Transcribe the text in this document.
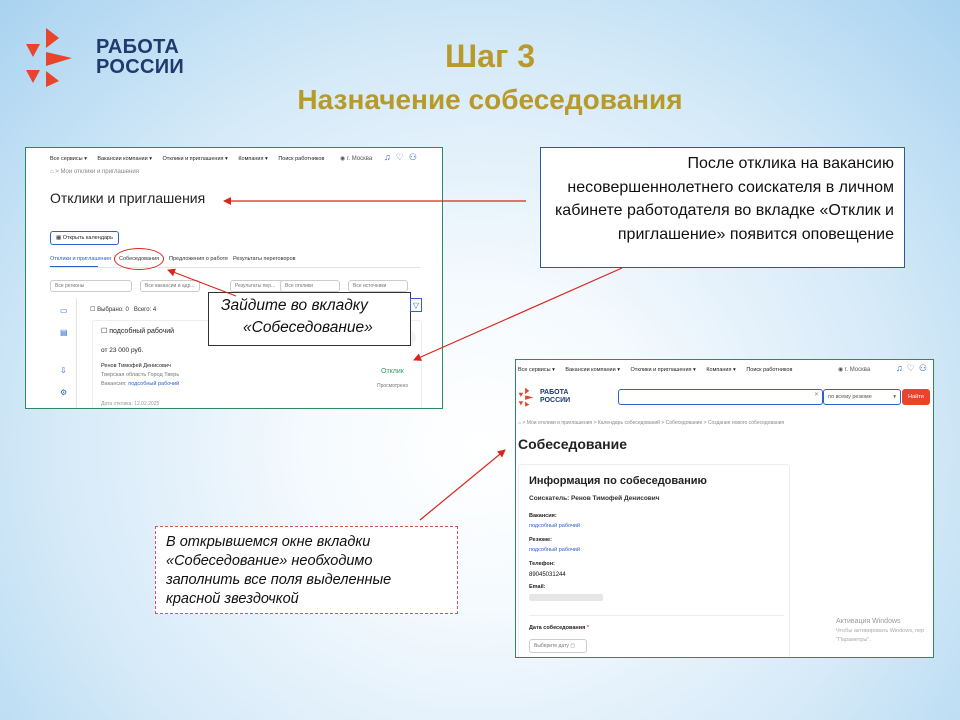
РАБОТА
РОССИИ	Шаг 3
Назначение собеседования
Все сервисы ▾ Вакансии компании ▾ Отклики и приглашения ▾ Компания ▾ Поиск работников	◉ г. Москва ♫♡⚇
⌂ > Мои отклики и приглашения
Отклики и приглашения
▦ Открыть календарь
Отклики и приглашения Собеседования Предложения о работе Результаты переговоров
Все регионы	Все вакансии и адр...	Результаты пер...	Все отклики	Все источники
▭
▤
⇩
⚙
☐ Выбрано: 0 Всего: 4
☐ подсобный рабочий
от 23 000 руб.
Ренов Тимофей Денисович
Тверская область Город Тверь
Вакансия: подсобный рабочий
Отклик
Просмотрено
Дата отклика: 12.02.2025
После отклика на вакансию несовершеннолетнего соискателя в личном кабинете работодателя во вкладке «Отклик и приглашение» появится оповещение
Зайдите во вкладку
«Собеседование»
▽
Все сервисы ▾ Вакансии компании ▾ Отклики и приглашения ▾ Компания ▾ Поиск работников	◉ г. Москва	♫♡⚇
РАБОТА
РОССИИ
✕	по всему резюме	▾	Найти
⌂ > Мои отклики и приглашения > Календарь собеседований > Собеседование > Создание нового собеседования
Собеседование
Информация по собеседованию
Соискатель: Ренов Тимофей Денисович
Вакансия:
подсобный рабочий
Резюме:
подсобный рабочий
Телефон:
89045031244
Email:
Дата собеседования *
Выберите дату ▢
Активация Windows
Чтобы активировать Windows, пер
"Параметры".
В открывшемся окне вкладки «Собеседование» необходимо заполнить все поля выделенные красной звездочкой
